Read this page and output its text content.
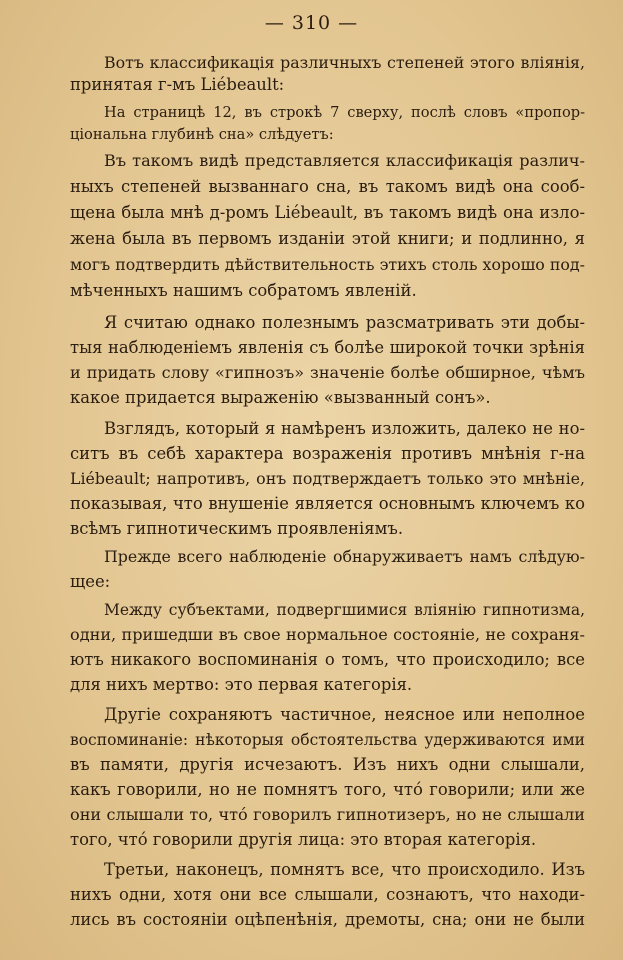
— 310 —
Вотъ классификація различныхъ степеней этого вліянія,
принятая г-мъ Liébeault:
На страницѣ 12, въ строкѣ 7 сверху, послѣ словъ «пропор-
ціональна глубинѣ сна» слѣдуетъ:
Въ такомъ видѣ представляется классификація различ-
ныхъ степеней вызваннаго сна, въ такомъ видѣ она сооб-
щена была мнѣ д-ромъ Liébeault, въ такомъ видѣ она изло-
жена была въ первомъ изданіи этой книги; и подлинно, я
могъ подтвердить дѣйствительность этихъ столь хорошо под-
мѣченныхъ нашимъ собратомъ явленій.
Я считаю однако полезнымъ разсматривать эти добы-
тыя наблюденіемъ явленія съ болѣе широкой точки зрѣнія
и придать слову «гипнозъ» значеніе болѣе обширное, чѣмъ
какое придается выраженію «вызванный сонъ».
Взглядъ, который я намѣренъ изложить, далеко не но-
ситъ въ себѣ характера возраженія противъ мнѣнія г-на
Liébeault; напротивъ, онъ подтверждаетъ только это мнѣніе,
показывая, что внушеніе является основнымъ ключемъ ко
всѣмъ гипнотическимъ проявленіямъ.
Прежде всего наблюденіе обнаруживаетъ намъ слѣдую-
щее:
Между субъектами, подвергшимися вліянію гипнотизма,
одни, пришедши въ свое нормальное состояніе, не сохраня-
ютъ никакого воспоминанія о томъ, что происходило; все
для нихъ мертво: это первая категорія.
Другіе сохраняютъ частичное, неясное или неполное
воспоминаніе: нѣкоторыя обстоятельства удерживаются ими
въ памяти, другія исчезаютъ. Изъ нихъ одни слышали,
какъ говорили, но не помнятъ того, что́ говорили; или же
они слышали то, что́ говорилъ гипнотизеръ, но не слышали
того, что́ говорили другія лица: это вторая категорія.
Третьи, наконецъ, помнятъ все, что происходило. Изъ
нихъ одни, хотя они все слышали, сознаютъ, что находи-
лись въ состояніи оцѣпенѣнія, дремоты, сна; они не были
